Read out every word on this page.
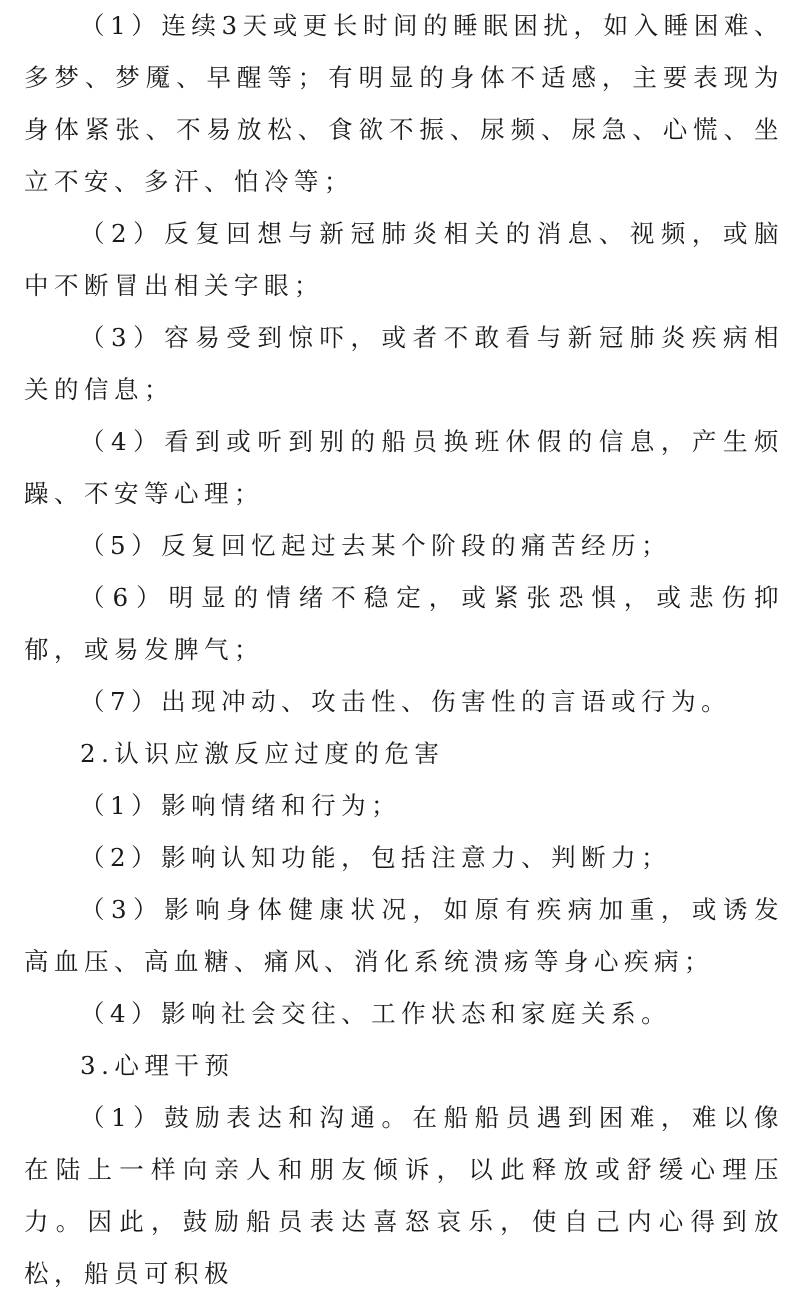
（1）连续3天或更长时间的睡眠困扰，如入睡困难、多梦、梦魇、早醒等；有明显的身体不适感，主要表现为身体紧张、不易放松、食欲不振、尿频、尿急、心慌、坐立不安、多汗、怕冷等；

（2）反复回想与新冠肺炎相关的消息、视频，或脑中不断冒出相关字眼；

（3）容易受到惊吓，或者不敢看与新冠肺炎疾病相关的信息；

（4）看到或听到别的船员换班休假的信息，产生烦躁、不安等心理；

（5）反复回忆起过去某个阶段的痛苦经历；

（6）明显的情绪不稳定，或紧张恐惧，或悲伤抑郁，或易发脾气；

（7）出现冲动、攻击性、伤害性的言语或行为。

2.认识应激反应过度的危害

（1）影响情绪和行为；

（2）影响认知功能，包括注意力、判断力；

（3）影响身体健康状况，如原有疾病加重，或诱发高血压、高血糖、痛风、消化系统溃疡等身心疾病；

（4）影响社会交往、工作状态和家庭关系。

3.心理干预

（1）鼓励表达和沟通。在船船员遇到困难，难以像在陆上一样向亲人和朋友倾诉，以此释放或舒缓心理压力。因此，鼓励船员表达喜怒哀乐，使自己内心得到放松，船员可积极
